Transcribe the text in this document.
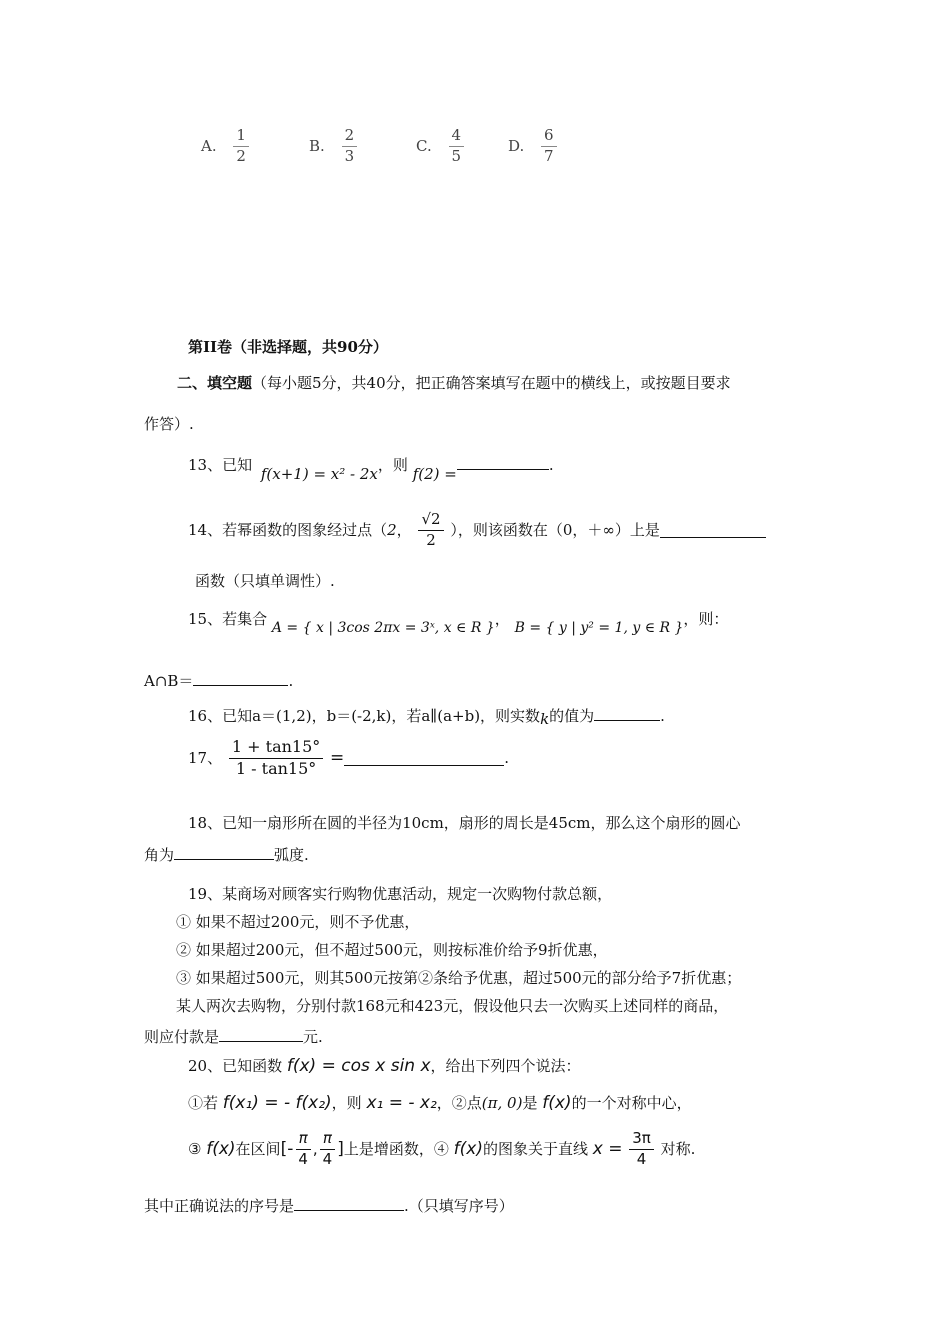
A. $\frac{1}{2}$	B. $\frac{2}{3}$	C. $\frac{4}{5}$	D. $\frac{6}{7}$
第II卷（非选择题，共90分）
二、填空题（每小题5分，共40分，把正确答案填写在题中的横线上，或按题目要求
作答）.
13、已知 f(x+1) = x² - 2x，则 f(2) =	.
14、若幂函数的图象经过点（2， $\frac{√2}{2}$ ），则该函数在（0，＋∞）上是
函数（只填单调性）.
15、若集合 A = { x | 3cos 2πx = 3ˣ, x ∈ R }， B = { y | y² = 1, y ∈ R }，则：
A∩B＝	.
16、已知a＝(1,2)，b＝(-2,k)，若a∥(a+b)，则实数k的值为	.
17、 $\frac{1 + \tan 15^\circ}{1 - \tan 15^\circ}$ =	.
18、已知一扇形所在圆的半径为10cm，扇形的周长是45cm，那么这个扇形的圆心
角为	弧度.
19、某商场对顾客实行购物优惠活动，规定一次购物付款总额，
① 如果不超过200元，则不予优惠，
② 如果超过200元，但不超过500元，则按标准价给予9折优惠，
③ 如果超过500元，则其500元按第②条给予优惠，超过500元的部分给予7折优惠；
某人两次去购物，分别付款168元和423元，假设他只去一次购买上述同样的商品，
则应付款是	元.
20、已知函数 f(x) = cos x sin x，给出下列四个说法：
①若 f(x₁) = - f(x₂)，则 x₁ = - x₂，②点(π, 0)是 f(x)的一个对称中心，
③ f(x)在区间[- $\frac{\pi}{4}$ , $\frac{\pi}{4}$ ]上是增函数，④ f(x)的图象关于直线 $x = \frac{3\pi}{4}$ 对称.
其中正确说法的序号是	.（只填写序号）
